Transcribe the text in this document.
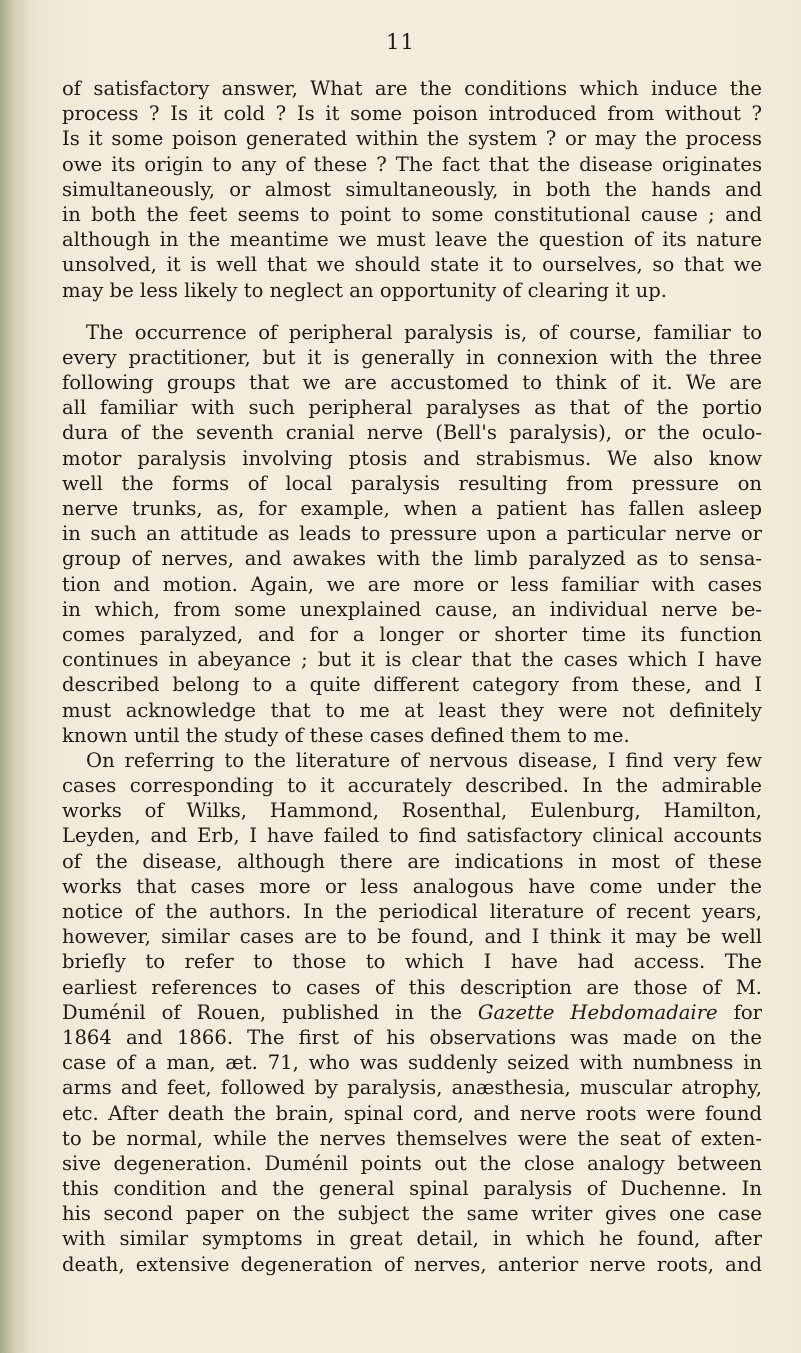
11

of satisfactory answer, What are the conditions which induce the
process ? Is it cold ? Is it some poison introduced from without ?
Is it some poison generated within the system ? or may the process
owe its origin to any of these ? The fact that the disease originates
simultaneously, or almost simultaneously, in both the hands and
in both the feet seems to point to some constitutional cause ; and
although in the meantime we must leave the question of its nature
unsolved, it is well that we should state it to ourselves, so that we
may be less likely to neglect an opportunity of clearing it up.

The occurrence of peripheral paralysis is, of course, familiar to
every practitioner, but it is generally in connexion with the three
following groups that we are accustomed to think of it. We are
all familiar with such peripheral paralyses as that of the portio
dura of the seventh cranial nerve (Bell's paralysis), or the oculo-
motor paralysis involving ptosis and strabismus. We also know
well the forms of local paralysis resulting from pressure on
nerve trunks, as, for example, when a patient has fallen asleep
in such an attitude as leads to pressure upon a particular nerve or
group of nerves, and awakes with the limb paralyzed as to sensa-
tion and motion. Again, we are more or less familiar with cases
in which, from some unexplained cause, an individual nerve be-
comes paralyzed, and for a longer or shorter time its function
continues in abeyance ; but it is clear that the cases which I have
described belong to a quite different category from these, and I
must acknowledge that to me at least they were not definitely
known until the study of these cases defined them to me.

On referring to the literature of nervous disease, I find very few
cases corresponding to it accurately described. In the admirable
works of Wilks, Hammond, Rosenthal, Eulenburg, Hamilton,
Leyden, and Erb, I have failed to find satisfactory clinical accounts
of the disease, although there are indications in most of these
works that cases more or less analogous have come under the
notice of the authors. In the periodical literature of recent years,
however, similar cases are to be found, and I think it may be well
briefly to refer to those to which I have had access. The
earliest references to cases of this description are those of M.
Duménil of Rouen, published in the Gazette Hebdomadaire for
1864 and 1866. The first of his observations was made on the
case of a man, æt. 71, who was suddenly seized with numbness in
arms and feet, followed by paralysis, anæsthesia, muscular atrophy,
etc. After death the brain, spinal cord, and nerve roots were found
to be normal, while the nerves themselves were the seat of exten-
sive degeneration. Duménil points out the close analogy between
this condition and the general spinal paralysis of Duchenne. In
his second paper on the subject the same writer gives one case
with similar symptoms in great detail, in which he found, after
death, extensive degeneration of nerves, anterior nerve roots, and
